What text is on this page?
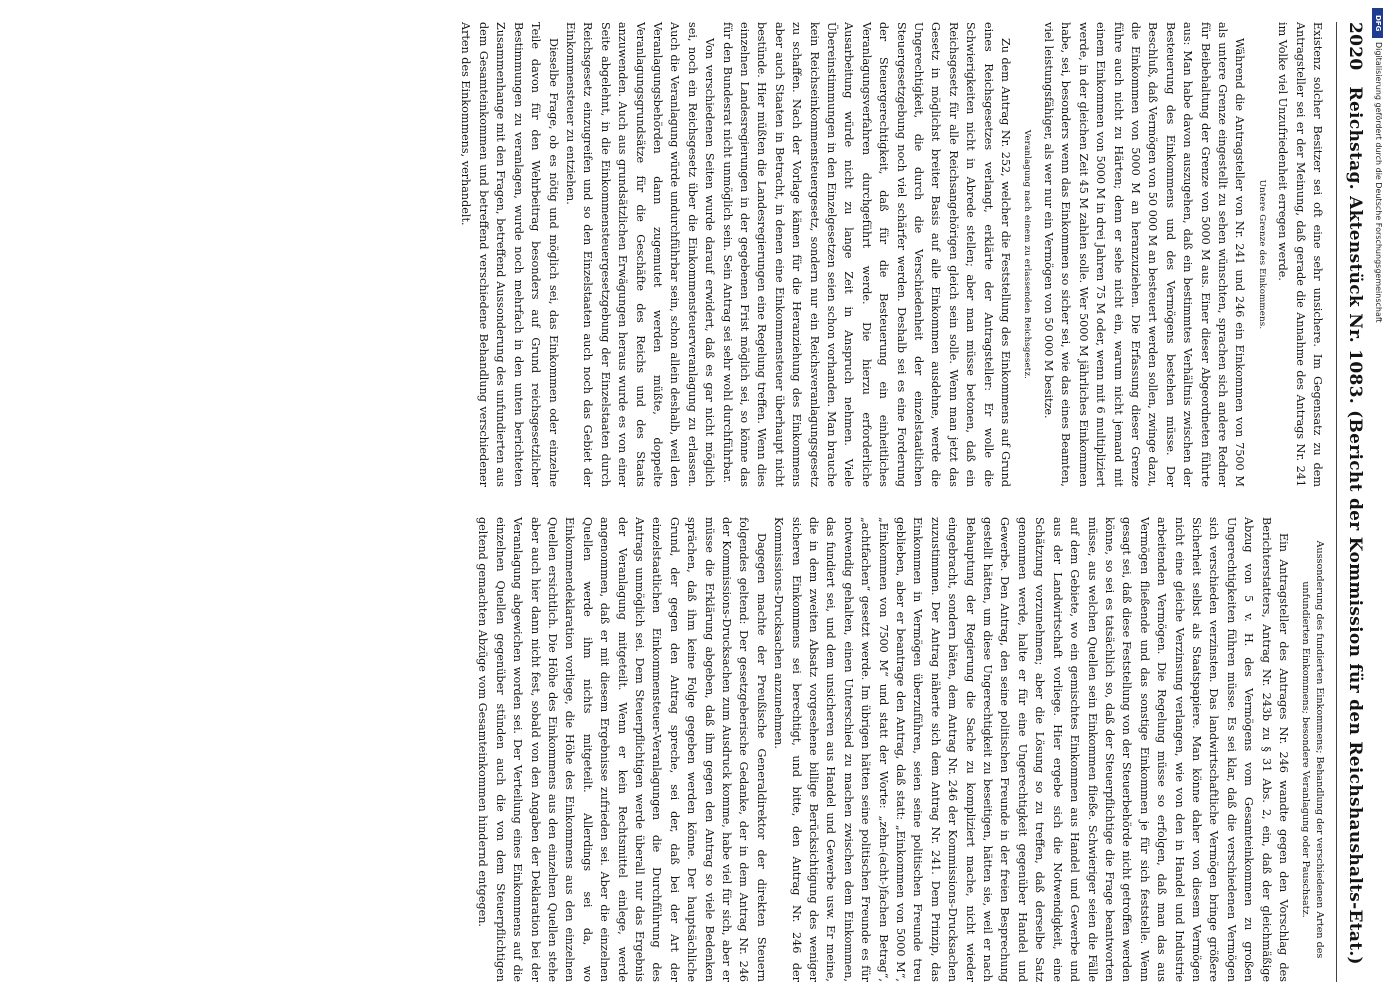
2020
Reichstag. Aktenstück Nr. 1083. (Bericht der Kommission für den Reichshaushalts-Etat.)

Existenz solcher Besitzer sei oft eine sehr unsichere. Im Gegensatz zu dem Antragsteller sei er der Meinung, daß gerade die Annahme des Antrags Nr. 241 im Volke viel Unzufriedenheit erregen werde.

Untere Grenze des Einkommens.

Während die Antragsteller von Nr. 241 und 246 ein Einkommen von 7500 M als untere Grenze eingestellt zu sehen wünschten, sprachen sich andere Redner für Beibehaltung der Grenze von 5000 M aus. Einer dieser Abgeordneten führte aus: Man habe davon auszugehen, daß ein bestimmtes Verhältnis zwischen der Besteuerung des Einkommens und des Vermögens bestehen müsse. Der Beschluß, daß Vermögen von 50 000 M an besteuert werden sollen, zwinge dazu, die Einkommen von 5000 M an heranzuziehen. Die Erfassung dieser Grenze führe auch nicht zu Härten; denn er sehe nicht ein, warum nicht jemand mit einem Einkommen von 5000 M in drei Jahren 75 M oder, wenn mit 6 multipliziert werde, in der gleichen Zeit 45 M zahlen solle. Wer 5000 M jährliches Einkommen habe, sei, besonders wenn das Einkommen so sicher sei, wie das eines Beamten, viel leistungsfähiger, als wer nur ein Vermögen von 50 000 M besitze.

Veranlagung nach einem zu erlassenden Reichsgesetz.

Zu dem Antrag Nr. 252, welcher die Feststellung des Einkommens auf Grund eines Reichsgesetzes verlangt, erklärte der Antragsteller: Er wolle die Schwierigkeiten nicht in Abrede stellen; aber man müsse betonen, daß ein Reichsgesetz für alle Reichsangehörigen gleich sein solle. Wenn man jetzt das Gesetz in möglichst breiter Basis auf alle Einkommen ausdehne, werde die Ungerechtigkeit, die durch die Verschiedenheit der einzelstaatlichen Steuergesetzgebung noch viel schärfer werden. Deshalb sei es eine Forderung der Steuergerechtigkeit, daß für die Besteuerung ein einheitliches Veranlagungsverfahren durchgeführt werde. Die hierzu erforderliche Ausarbeitung würde nicht zu lange Zeit in Anspruch nehmen. Viele Übereinstimmungen in den Einzelgesetzen seien schon vorhanden. Man brauche kein Reichseinkommensteuergesetz, sondern nur ein Reichsveranlagungsgesetz zu schaffen. Nach der Vorlage kämen für die Heranziehung des Einkommens aber auch Staaten in Betracht, in denen eine Einkommensteuer überhaupt nicht bestünde. Hier müßten die Landesregierungen eine Regelung treffen. Wenn dies einzelnen Landesregierungen in der gegebenen Frist möglich sei, so könne das für den Bundesrat nicht unmöglich sein. Sein Antrag sei sehr wohl durchführbar.

Von verschiedenen Seiten wurde darauf erwidert, daß es gar nicht möglich sei, noch ein Reichsgesetz über die Einkommensteuerveranlagung zu erlassen. Auch die Veranlagung würde undurchführbar sein, schon allein deshalb, weil den Veranlagungsbehörden dann zugemutet werden müßte, doppelte Veranlagungsgrundsätze für die Geschäfte des Reichs und des Staats anzuwenden. Auch aus grundsätzlichen Erwägungen heraus wurde es von einer Seite abgelehnt, in die Einkommensteuergesetzgebung der Einzelstaaten durch Reichsgesetz einzugreifen und so den Einzelstaaten auch noch das Gebiet der Einkommensteuer zu entziehen.

Dieselbe Frage, ob es nötig und möglich sei, das Einkommen oder einzelne Teile davon für den Wehrbeitrag besonders auf Grund reichsgesetzlicher Bestimmungen zu veranlagen, wurde noch mehrfach in den unten berichteten Zusammenhange mit den Fragen, betreffend Aussonderung des unfundierten aus dem Gesamteinkommen und betreffend verschiedene Behandlung verschiedener Arten des Einkommens, verhandelt.

Aussonderung des fundierten Einkommens; Behandlung der verschiedenen Arten des unfundierten Einkommens; besondere Veranlagung oder Pauschsatz.

Ein Antragsteller des Antrages Nr. 246 wandte gegen den Vorschlag des Berichterstatters, Antrag Nr. 243b zu § 31 Abs. 2, ein, daß der gleichmäßige Abzug von 5 v. H. des Vermögens vom Gesamteinkommen zu großen Ungerechtigkeiten führen müsse. Es sei klar, daß die verschiedenen Vermögen sich verschieden verzinsten. Das landwirtschaftliche Vermögen bringe größere Sicherheit selbst als Staatspapiere. Man könne daher von diesem Vermögen nicht eine gleiche Verzinsung verlangen, wie von den in Handel und Industrie arbeitenden Vermögen. Die Regelung müsse so erfolgen, daß man das aus Vermögen fließende und das sonstige Einkommen je für sich feststelle. Wenn gesagt sei, daß diese Feststellung von der Steuerbehörde nicht getroffen werden könne, so sei es tatsächlich so, daß der Steuerpflichtige die Frage beantworten müsse, aus welchen Quellen sein Einkommen fließe. Schwieriger seien die Fälle auf dem Gebiete, wo ein gemischtes Einkommen aus Handel und Gewerbe und aus der Landwirtschaft vorliege. Hier ergebe sich die Notwendigkeit, eine Schätzung vorzunehmen; aber die Lösung so zu treffen, daß derselbe Satz genommen werde, halte er für eine Ungerechtigkeit gegenüber Handel und Gewerbe. Den Antrag, den seine politischen Freunde in der freien Besprechung gestellt hätten, um diese Ungerechtigkeit zu beseitigen, hätten sie, weil er nach Behauptung der Regierung die Sache zu kompliziert mache, nicht wieder eingebracht, sondern bäten, dem Antrag Nr. 246 der Kommissions-Drucksachen zuzustimmen. Der Antrag näherte sich dem Antrag Nr. 241. Dem Prinzip, das Einkommen in Vermögen überzuführen, seien seine politischen Freunde treu geblieben, aber er beantrage den Antrag, daß statt: „Einkommen von 5000 M“, „Einkommen von 7500 M“ und statt der Worte: „zehn-(acht-)fachen Betrag“, „achtfachen“ gesetzt werde. Im übrigen hätten seine politischen Freunde es für notwendig gehalten, einen Unterschied zu machen zwischen dem Einkommen, das fundiert sei, und dem unsicheren aus Handel und Gewerbe usw. Er meine, die in dem zweiten Absatz vorgesehene billige Berücksichtigung des weniger sicheren Einkommens sei berechtigt, und bitte, den Antrag Nr. 246 der Kommissions-Drucksachen anzunehmen.

Dagegen machte der Preußische Generaldirektor der direkten Steuern folgendes geltend: Der gesetzgeberische Gedanke, der in dem Antrag Nr. 246 der Kommissions-Drucksachen zum Ausdruck komme, habe viel für sich, aber er müsse die Erklärung abgeben, daß ihm gegen den Antrag so viele Bedenken sprächen, daß ihm keine Folge gegeben werden könne. Der hauptsächliche Grund, der gegen den Antrag spreche, sei der, daß bei der Art der einzelstaatlichen Einkommensteuer-Veranlagungen die Durchführung des Antrags unmöglich sei. Dem Steuerpflichtigen werde überall nur das Ergebnis der Veranlagung mitgeteilt. Wenn er kein Rechtsmittel einlege, werde angenommen, daß er mit diesem Ergebnisse zufrieden sei. Aber die einzelnen Quellen werde ihm nichts mitgeteilt. Allerdings sei da, wo Einkommendeklaration vorliege, die Höhe des Einkommens aus den einzelnen Quellen ersichtlich. Die Höhe des Einkommens aus den einzelnen Quellen stehe aber auch hier dann nicht fest, sobald von den Angaben der Deklaration bei der Veranlagung abgewichen worden sei. Der Verteilung eines Einkommens auf die einzelnen Quellen gegenüber stünden auch die von dem Steuerpflichtigen geltend gemachten Abzüge vom Gesamteinkommen hindernd entgegen.

DFG
Digitalisierung gefördert durch die Deutsche Forschungsgemeinschaft
